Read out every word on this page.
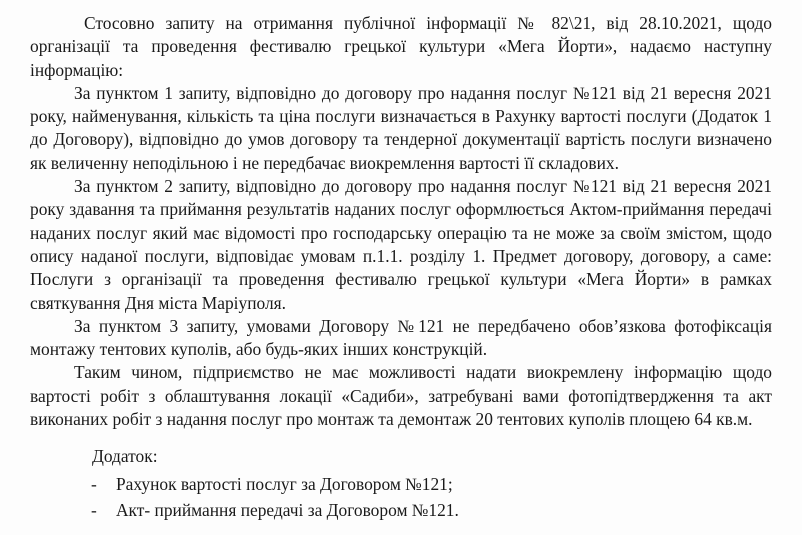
Стосовно запиту на отримання публічної інформації № 82\21, від 28.10.2021, щодо організації та проведення фестивалю грецької культури «Мега Йорти», надаємо наступну інформацію:

За пунктом 1 запиту, відповідно до договору про надання послуг №121 від 21 вересня 2021 року, найменування, кількість та ціна послуги визначається в Рахунку вартості послуги (Додаток 1 до Договору), відповідно до умов договору та тендерної документації вартість послуги визначено як величенну неподільною і не передбачає виокремлення вартості її складових.

За пунктом 2 запиту, відповідно до договору про надання послуг №121 від 21 вересня 2021 року здавання та приймання результатів наданих послуг оформлюється Актом-приймання передачі наданих послуг який має відомості про господарську операцію та не може за своїм змістом, щодо опису наданої послуги, відповідає умовам п.1.1. розділу 1. Предмет договору, договору, а саме: Послуги з організації та проведення фестивалю грецької культури «Мега Йорти» в рамках святкування Дня міста Маріуполя.

За пунктом 3 запиту, умовами Договору №121 не передбачено обов’язкова фотофіксація монтажу тентових куполів, або будь-яких інших конструкцій.

Таким чином, підприємство не має можливості надати виокремлену інформацію щодо вартості робіт з облаштування локації «Садиби», затребувані вами фотопідтвердження та акт виконаних робіт з надання послуг про монтаж та демонтаж 20 тентових куполів площею 64 кв.м.

Додаток:
- Рахунок вартості послуг за Договором №121;
- Акт- приймання передачі за Договором №121.
